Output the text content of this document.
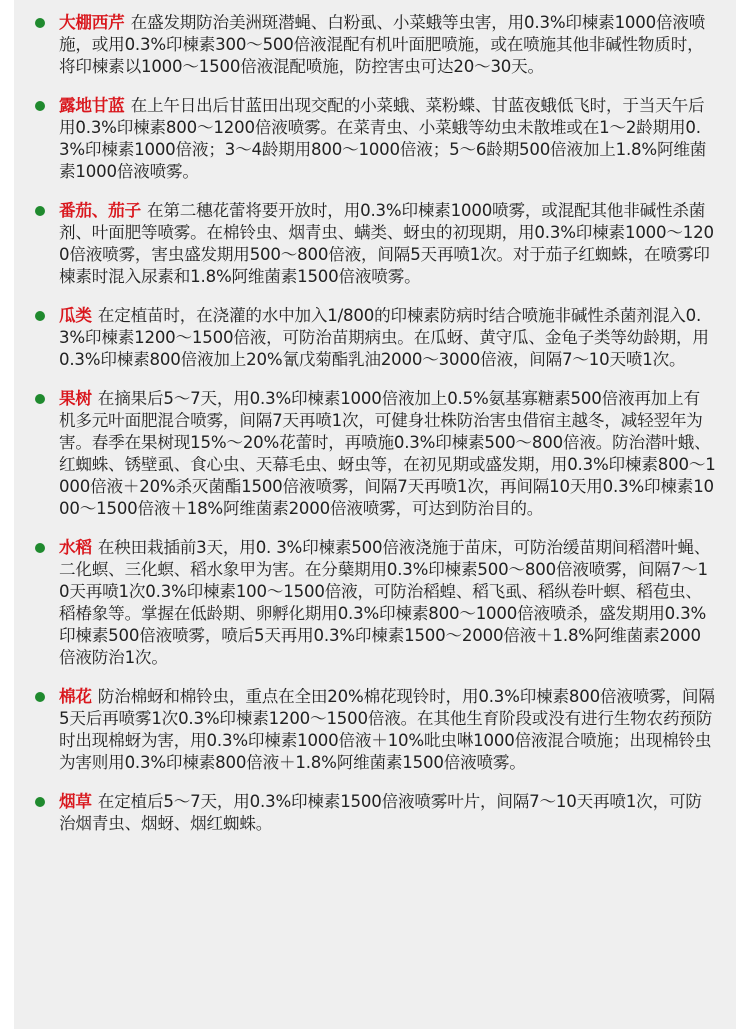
大棚西芹 在盛发期防治美洲斑潜蝇、白粉虱、小菜蛾等虫害，用0.3%印楝素1000倍液喷施，或用0.3%印楝素300～500倍液混配有机叶面肥喷施，或在喷施其他非碱性物质时，将印楝素以1000～1500倍液混配喷施，防控害虫可达20～30天。
露地甘蓝 在上午日出后甘蓝田出现交配的小菜蛾、菜粉蝶、甘蓝夜蛾低飞时，于当天午后用0.3%印楝素800～1200倍液喷雾。在菜青虫、小菜蛾等幼虫未散堆或在1～2龄期用0.3%印楝素1000倍液；3～4龄期用800～1000倍液；5～6龄期500倍液加上1.8%阿维菌素1000倍液喷雾。
番茄、茄子 在第二穗花蕾将要开放时，用0.3%印楝素1000喷雾，或混配其他非碱性杀菌剂、叶面肥等喷雾。在棉铃虫、烟青虫、螨类、蚜虫的初现期，用0.3%印楝素1000～1200倍液喷雾，害虫盛发期用500～800倍液，间隔5天再喷1次。对于茄子红蜘蛛，在喷雾印楝素时混入尿素和1.8%阿维菌素1500倍液喷雾。
瓜类 在定植苗时，在浇灌的水中加入1/800的印楝素防病时结合喷施非碱性杀菌剂混入0.3%印楝素1200～1500倍液，可防治苗期病虫。在瓜蚜、黄守瓜、金龟子类等幼龄期，用0.3%印楝素800倍液加上20%氰戊菊酯乳油2000～3000倍液，间隔7～10天喷1次。
果树 在摘果后5～7天，用0.3%印楝素1000倍液加上0.5%氨基寡糖素500倍液再加上有机多元叶面肥混合喷雾，间隔7天再喷1次，可健身壮株防治害虫借宿主越冬，减轻翌年为害。春季在果树现15%～20%花蕾时，再喷施0.3%印楝素500～800倍液。防治潜叶蛾、红蜘蛛、锈壁虱、食心虫、天幕毛虫、蚜虫等，在初见期或盛发期，用0.3%印楝素800～1000倍液＋20%杀灭菌酯1500倍液喷雾，间隔7天再喷1次，再间隔10天用0.3%印楝素1000～1500倍液＋18%阿维菌素2000倍液喷雾，可达到防治目的。
水稻 在秧田栽插前3天，用0. 3%印楝素500倍液浇施于苗床，可防治缓苗期间稻潜叶蝇、二化螟、三化螟、稻水象甲为害。在分蘖期用0.3%印楝素500～800倍液喷雾，间隔7～10天再喷1次0.3%印楝素100～1500倍液，可防治稻蝗、稻飞虱、稻纵卷叶螟、稻苞虫、稻椿象等。掌握在低龄期、卵孵化期用0.3%印楝素800～1000倍液喷杀，盛发期用0.3%印楝素500倍液喷雾，喷后5天再用0.3%印楝素1500～2000倍液＋1.8%阿维菌素2000倍液防治1次。
棉花 防治棉蚜和棉铃虫，重点在全田20%棉花现铃时，用0.3%印楝素800倍液喷雾，间隔5天后再喷雾1次0.3%印楝素1200～1500倍液。在其他生育阶段或没有进行生物农药预防时出现棉蚜为害，用0.3%印楝素1000倍液＋10%吡虫啉1000倍液混合喷施；出现棉铃虫为害则用0.3%印楝素800倍液＋1.8%阿维菌素1500倍液喷雾。
烟草 在定植后5～7天，用0.3%印楝素1500倍液喷雾叶片，间隔7～10天再喷1次，可防治烟青虫、烟蚜、烟红蜘蛛。
